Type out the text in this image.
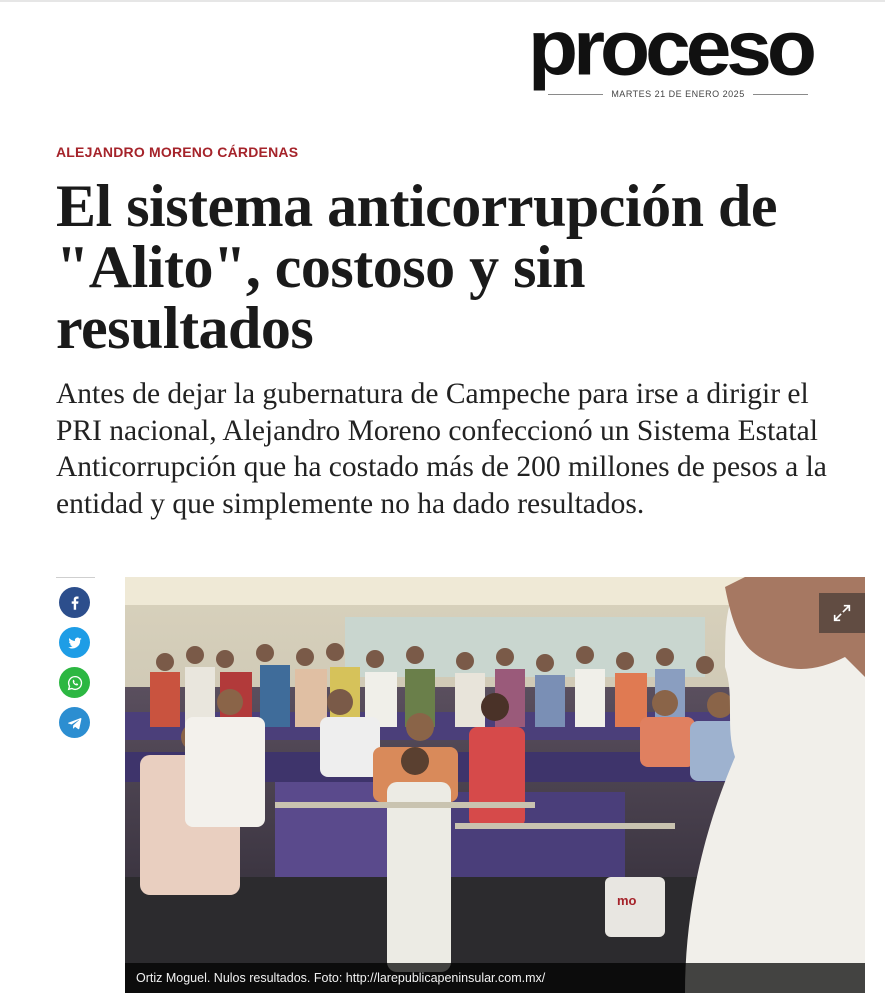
proceso
MARTES 21 DE ENERO 2025
ALEJANDRO MORENO CÁRDENAS
El sistema anticorrupción de "Alito", costoso y sin resultados

Antes de dejar la gubernatura de Campeche para irse a dirigir el PRI nacional, Alejandro Moreno confeccionó un Sistema Estatal Anticorrupción que ha costado más de 200 millones de pesos a la entidad y que simplemente no ha dado resultados.

mo
Ortiz Moguel. Nulos resultados. Foto: http://larepublicapeninsular.com.mx/
